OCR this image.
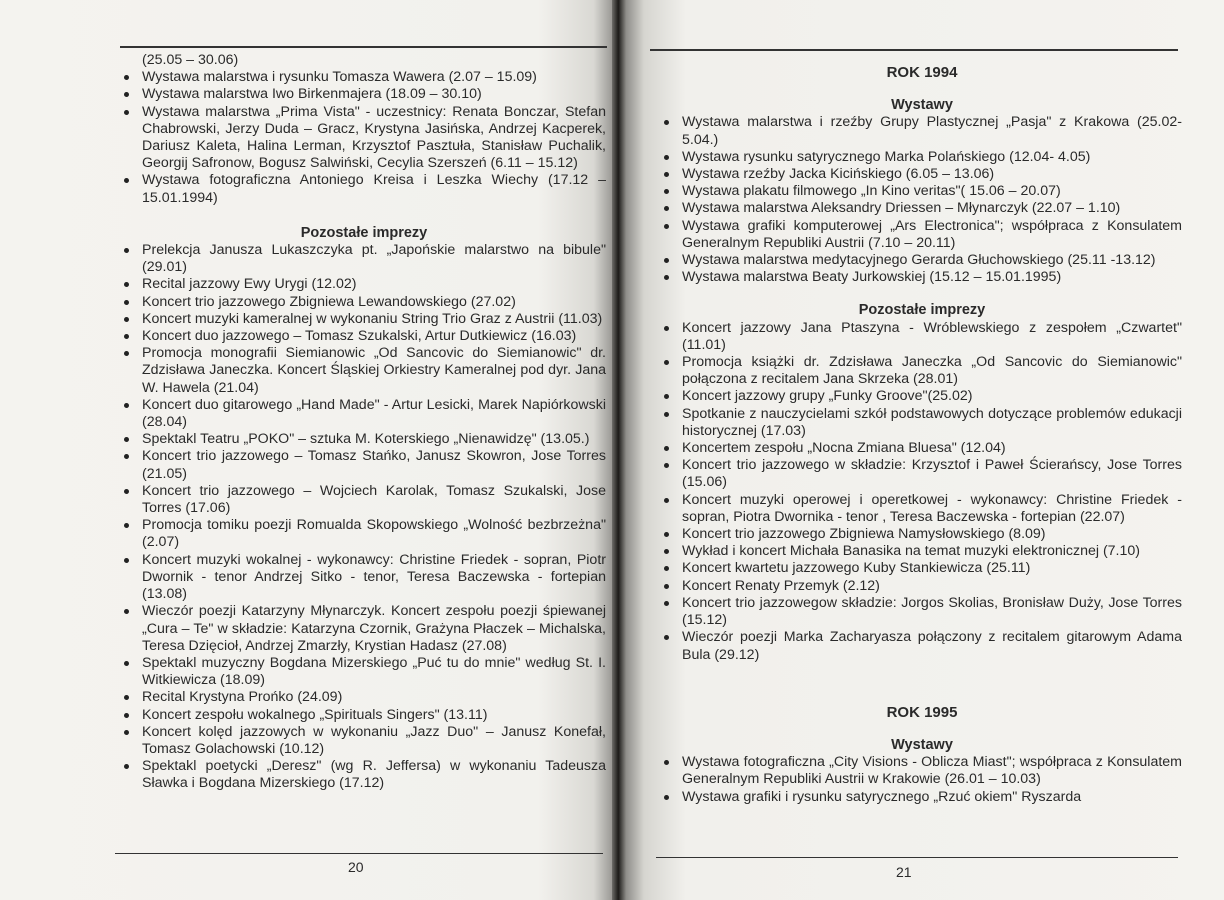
(25.05 – 30.06)

Wystawa malarstwa i rysunku Tomasza Wawera (2.07 – 15.09)
Wystawa malarstwa Iwo Birkenmajera (18.09 – 30.10)
Wystawa malarstwa „Prima Vista" - uczestnicy: Renata Bonczar, Stefan Chabrowski, Jerzy Duda – Gracz, Krystyna Jasińska, Andrzej Kacperek, Dariusz Kaleta, Halina Lerman, Krzysztof Pasztuła, Stanisław Puchalik, Georgij Safronow, Bogusz Salwiński, Cecylia Szerszeń (6.11 – 15.12)
Wystawa fotograficzna Antoniego Kreisa i Leszka Wiechy (17.12 – 15.01.1994)

Pozostałe imprezy

Prelekcja Janusza Lukaszczyka pt. „Japońskie malarstwo na bibule" (29.01)
Recital jazzowy Ewy Urygi (12.02)
Koncert trio jazzowego Zbigniewa Lewandowskiego (27.02)
Koncert muzyki kameralnej w wykonaniu String Trio Graz z Austrii (11.03)
Koncert duo jazzowego – Tomasz Szukalski, Artur Dutkiewicz (16.03)
Promocja monografii Siemianowic „Od Sancovic do Siemianowic" dr. Zdzisława Janeczka. Koncert Śląskiej Orkiestry Kameralnej pod dyr. Jana W. Hawela (21.04)
Koncert duo gitarowego „Hand Made" - Artur Lesicki, Marek Napiórkowski (28.04)
Spektakl Teatru „POKO" – sztuka M. Koterskiego „Nienawidzę" (13.05.)
Koncert trio jazzowego – Tomasz Stańko, Janusz Skowron, Jose Torres (21.05)
Koncert trio jazzowego – Wojciech Karolak, Tomasz Szukalski, Jose Torres (17.06)
Promocja tomiku poezji Romualda Skopowskiego „Wolność bezbrzeżna" (2.07)
Koncert muzyki wokalnej - wykonawcy: Christine Friedek - sopran, Piotr Dwornik - tenor Andrzej Sitko - tenor, Teresa Baczewska - fortepian (13.08)
Wieczór poezji Katarzyny Młynarczyk. Koncert zespołu poezji śpiewanej „Cura – Te" w składzie: Katarzyna Czornik, Grażyna Płaczek – Michalska, Teresa Dzięcioł, Andrzej Zmarzły, Krystian Hadasz (27.08)
Spektakl muzyczny Bogdana Mizerskiego „Puć tu do mnie" według St. I. Witkiewicza (18.09)
Recital Krystyna Prońko (24.09)
Koncert zespołu wokalnego „Spirituals Singers" (13.11)
Koncert kolęd jazzowych w wykonaniu „Jazz Duo" – Janusz Konefał, Tomasz Golachowski (10.12)
Spektakl poetycki „Deresz" (wg R. Jeffersa) w wykonaniu Tadeusza Sławka i Bogdana Mizerskiego (17.12)
20

ROK 1994

Wystawy

Wystawa malarstwa i rzeźby Grupy Plastycznej „Pasja" z Krakowa (25.02-5.04.)
Wystawa rysunku satyrycznego Marka Polańskiego (12.04- 4.05)
Wystawa rzeźby Jacka Kicińskiego (6.05 – 13.06)
Wystawa plakatu filmowego „In Kino veritas"( 15.06 – 20.07)
Wystawa malarstwa Aleksandry Driessen – Młynarczyk (22.07 – 1.10)
Wystawa grafiki komputerowej „Ars Electronica"; współpraca z Konsulatem Generalnym Republiki Austrii (7.10 – 20.11)
Wystawa malarstwa medytacyjnego Gerarda Głuchowskiego (25.11 -13.12)
Wystawa malarstwa Beaty Jurkowskiej (15.12 – 15.01.1995)

Pozostałe imprezy

Koncert jazzowy Jana Ptaszyna - Wróblewskiego z zespołem „Czwartet" (11.01)
Promocja książki dr. Zdzisława Janeczka „Od Sancovic do Siemianowic" połączona z recitalem Jana Skrzeka (28.01)
Koncert jazzowy grupy „Funky Groove"(25.02)
Spotkanie z nauczycielami szkół podstawowych dotyczące problemów edukacji historycznej (17.03)
Koncertem zespołu „Nocna Zmiana Bluesa" (12.04)
Koncert trio jazzowego w składzie: Krzysztof i Paweł Ścierańscy, Jose Torres (15.06)
Koncert muzyki operowej i operetkowej - wykonawcy: Christine Friedek - sopran, Piotra Dwornika - tenor , Teresa Baczewska - fortepian (22.07)
Koncert trio jazzowego Zbigniewa Namysłowskiego (8.09)
Wykład i koncert Michała Banasika na temat muzyki elektronicznej (7.10)
Koncert kwartetu jazzowego Kuby Stankiewicza (25.11)
Koncert Renaty Przemyk (2.12)
Koncert trio jazzowegow składzie: Jorgos Skolias, Bronisław Duży, Jose Torres (15.12)
Wieczór poezji Marka Zacharyasza połączony z recitalem gitarowym Adama Bula (29.12)

ROK 1995

Wystawy

Wystawa fotograficzna „City Visions - Oblicza Miast"; współpraca z Konsulatem Generalnym Republiki Austrii w Krakowie (26.01 – 10.03)
Wystawa grafiki i rysunku satyrycznego „Rzuć okiem" Ryszarda
21
